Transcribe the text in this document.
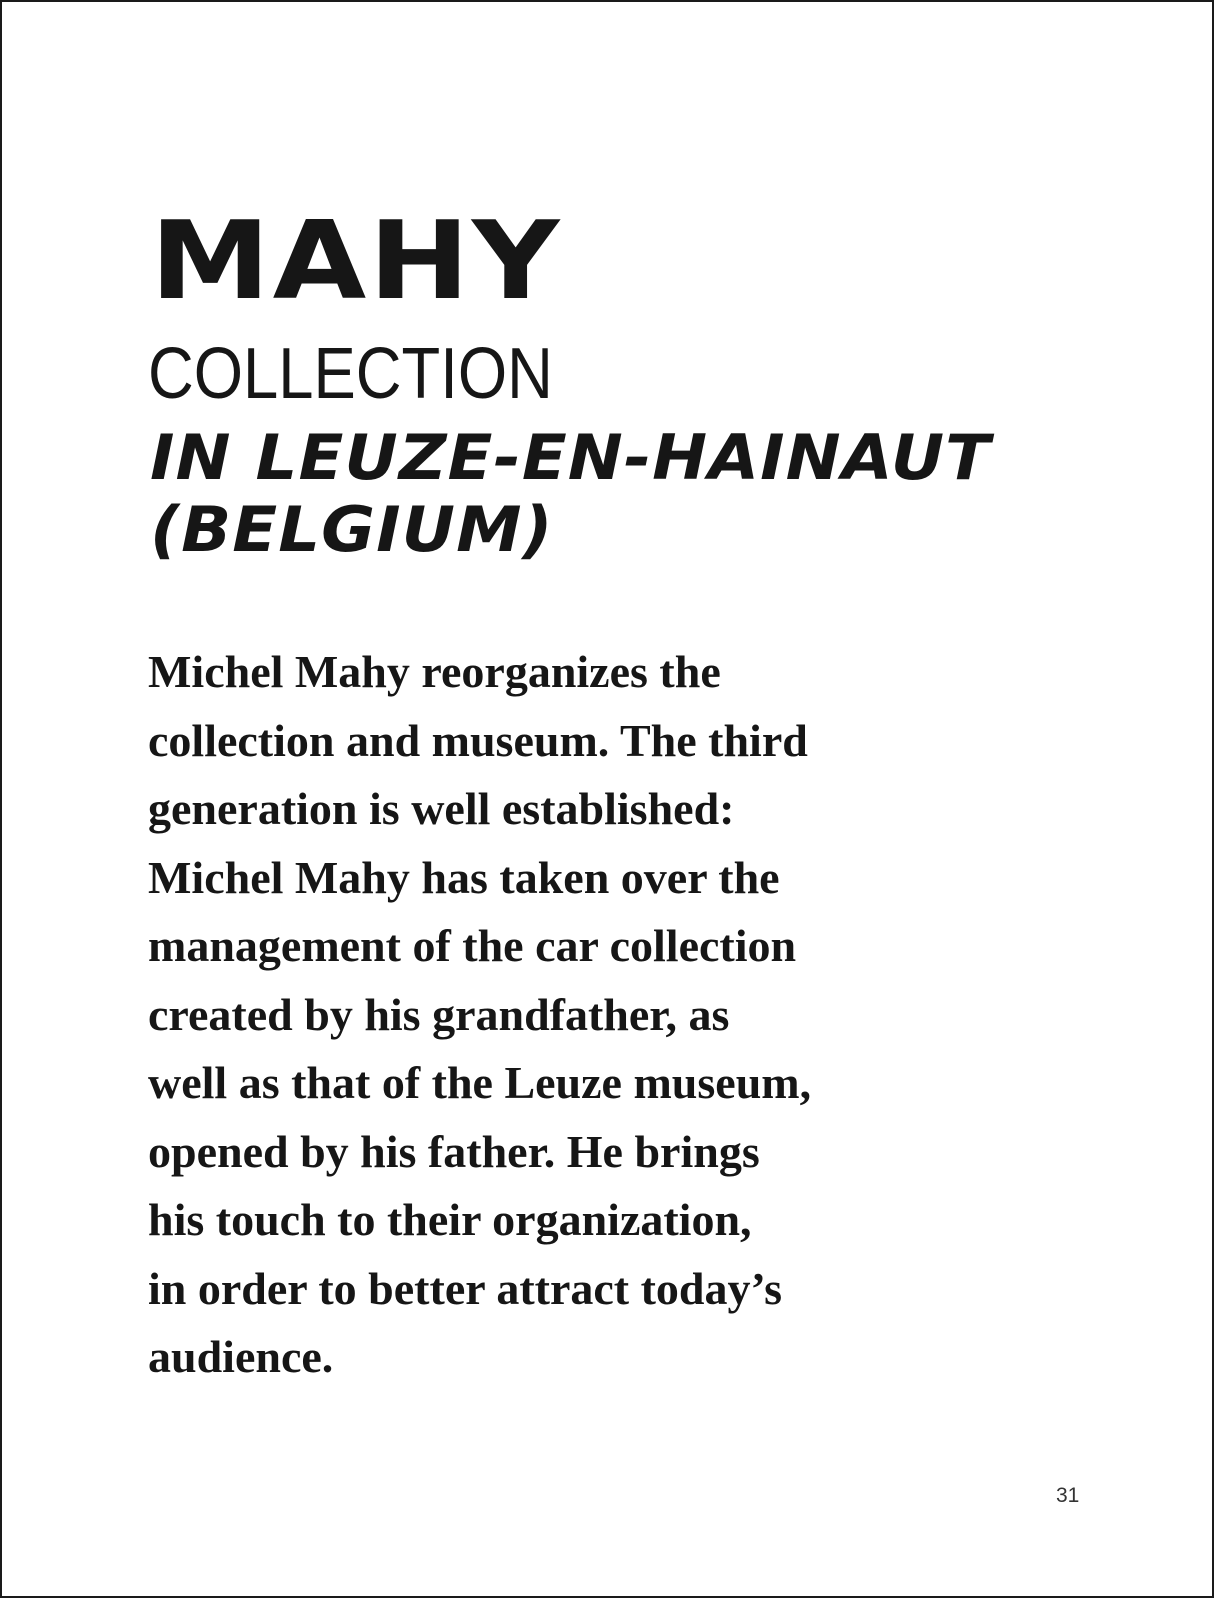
MAHY
COLLECTION
IN LEUZE-EN-HAINAUT
(BELGIUM)

Michel Mahy reorganizes the
collection and museum. The third
generation is well established:
Michel Mahy has taken over the
management of the car collection
created by his grandfather, as
well as that of the Leuze museum,
opened by his father. He brings
his touch to their organization,
in order to better attract today’s
audience.

31
